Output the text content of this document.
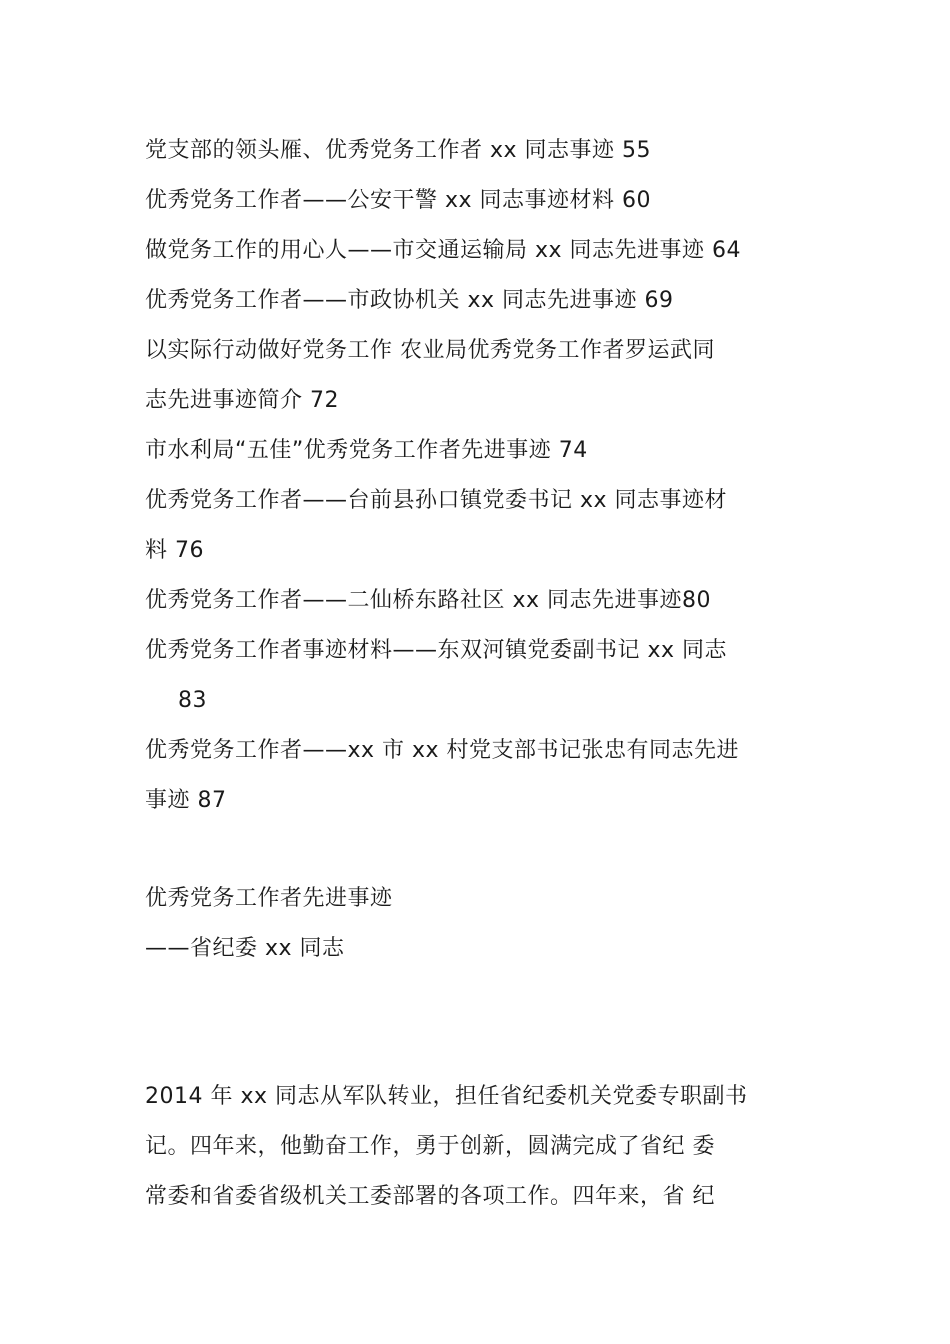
党支部的领头雁、优秀党务工作者 xx 同志事迹 55
优秀党务工作者——公安干警 xx 同志事迹材料 60
做党务工作的用心人——市交通运输局 xx 同志先进事迹 64
优秀党务工作者——市政协机关 xx 同志先进事迹 69
以实际行动做好党务工作 农业局优秀党务工作者罗运武同
志先进事迹简介 72
市水利局“五佳”优秀党务工作者先进事迹 74
优秀党务工作者——台前县孙口镇党委书记 xx 同志事迹材
料 76
优秀党务工作者——二仙桥东路社区 xx 同志先进事迹80
优秀党务工作者事迹材料——东双河镇党委副书记 xx 同志
83
优秀党务工作者——xx 市 xx 村党支部书记张忠有同志先进
事迹 87
优秀党务工作者先进事迹
——省纪委 xx 同志
2014 年 xx 同志从军队转业，担任省纪委机关党委专职副书
记。四年来，他勤奋工作，勇于创新，圆满完成了省纪 委
常委和省委省级机关工委部署的各项工作。四年来，省 纪
